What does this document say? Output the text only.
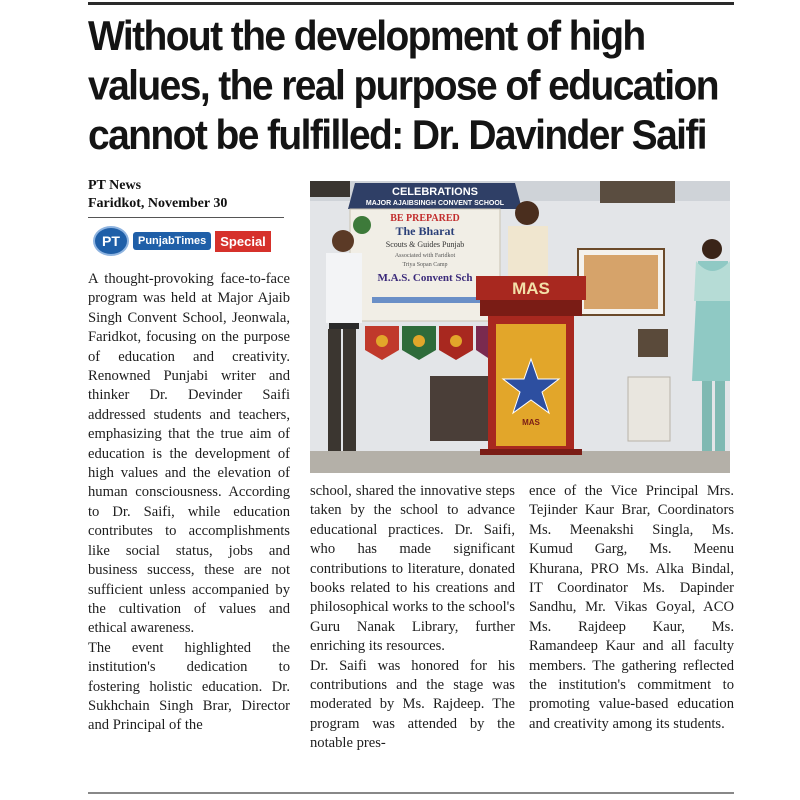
Without the development of high values, the real purpose of education cannot be fulfilled: Dr. Davinder Saifi
PT News
Faridkot, November 30
PT	PunjabTimes	Special

A thought-provoking face-to-face program was held at Major Ajaib Singh Convent School, Jeonwala, Faridkot, focusing on the purpose of education and creativity. Renowned Punjabi writer and thinker Dr. Devinder Saifi addressed students and teachers, emphasizing that the true aim of education is the development of high values and the elevation of human consciousness. According to Dr. Saifi, while education contributes to accomplishments like social status, jobs and business success, these are not sufficient unless accompanied by the cultivation of values and ethical awareness.

The event highlighted the institution's dedication to fostering holistic education. Dr. Sukhchain Singh Brar, Director and Principal of the

CELEBRATIONS
MAJOR AJAIBSINGH CONVENT SCHOOL
BE PREPARED
The Bharat
Scouts & Guides Punjab
Associated with Faridkot
Triya Sopan Camp
M.A.S. Convent Sch
MAS
MAS

school, shared the innovative steps taken by the school to advance educational practices. Dr. Saifi, who has made significant contributions to literature, donated books related to his creations and philosophical works to the school's Guru Nanak Library, further enriching its resources.

Dr. Saifi was honored for his contributions and the stage was moderated by Ms. Rajdeep. The program was attended by the notable pres-

ence of the Vice Principal Mrs. Tejinder Kaur Brar, Coordinators Ms. Meenakshi Singla, Ms. Kumud Garg, Ms. Meenu Khurana, PRO Ms. Alka Bindal, IT Coordinator Ms. Dapinder Sandhu, Mr. Vikas Goyal, ACO Ms. Rajdeep Kaur, Ms. Ramandeep Kaur and all faculty members. The gathering reflected the institution's commitment to promoting value-based education and creativity among its students.
